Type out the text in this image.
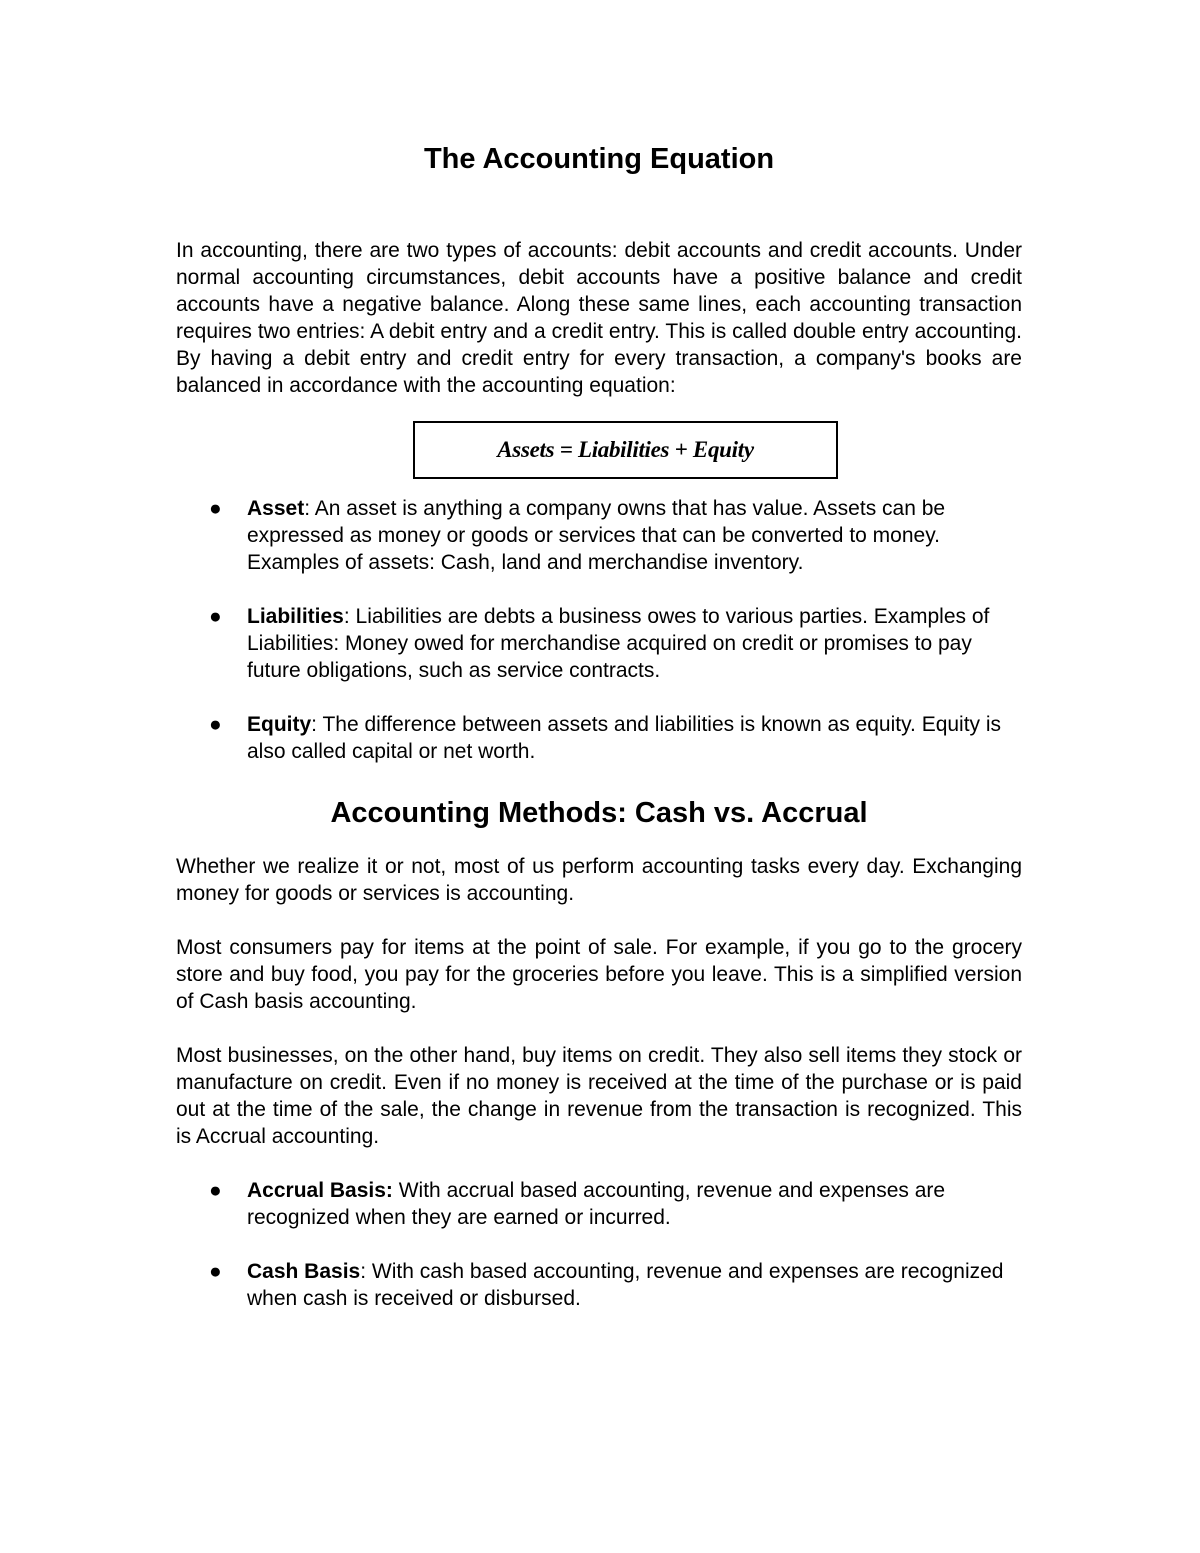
The Accounting Equation

In accounting, there are two types of accounts: debit accounts and credit accounts. Under normal accounting circumstances, debit accounts have a positive balance and credit accounts have a negative balance. Along these same lines, each accounting transaction requires two entries: A debit entry and a credit entry. This is called double entry accounting. By having a debit entry and credit entry for every transaction, a company's books are balanced in accordance with the accounting equation:

Assets = Liabilities + Equity
● Asset: An asset is anything a company owns that has value. Assets can be expressed as money or goods or services that can be converted to money. Examples of assets: Cash, land and merchandise inventory.
● Liabilities: Liabilities are debts a business owes to various parties. Examples of Liabilities: Money owed for merchandise acquired on credit or promises to pay future obligations, such as service contracts.
● Equity: The difference between assets and liabilities is known as equity. Equity is also called capital or net worth.
Accounting Methods: Cash vs. Accrual

Whether we realize it or not, most of us perform accounting tasks every day. Exchanging money for goods or services is accounting.

Most consumers pay for items at the point of sale. For example, if you go to the grocery store and buy food, you pay for the groceries before you leave. This is a simplified version of Cash basis accounting.

Most businesses, on the other hand, buy items on credit. They also sell items they stock or manufacture on credit. Even if no money is received at the time of the purchase or is paid out at the time of the sale, the change in revenue from the transaction is recognized. This is Accrual accounting.

● Accrual Basis: With accrual based accounting, revenue and expenses are recognized when they are earned or incurred.
● Cash Basis: With cash based accounting, revenue and expenses are recognized when cash is received or disbursed.
